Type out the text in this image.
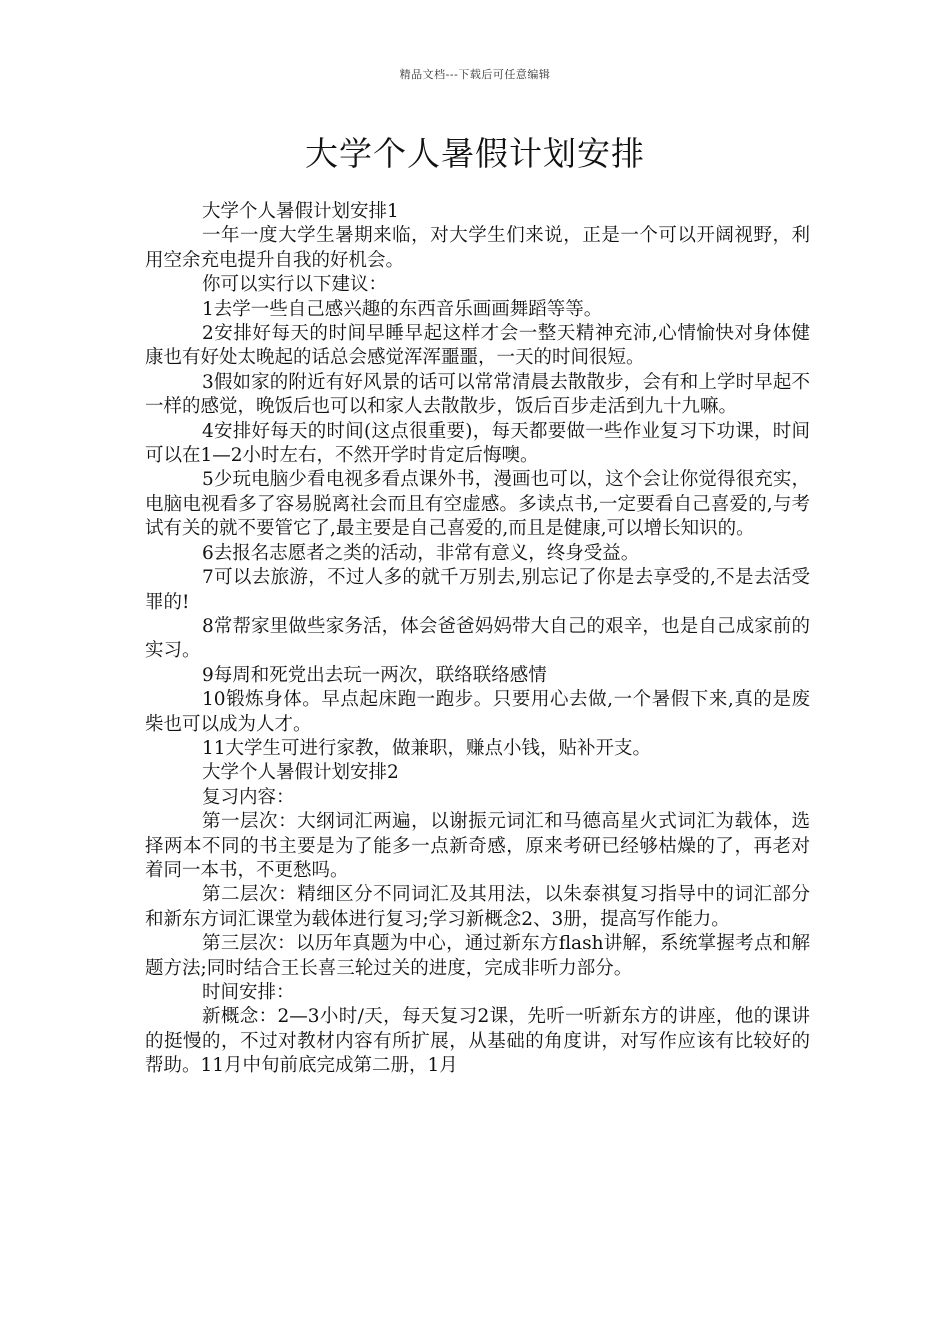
精品文档---下载后可任意编辑
大学个人暑假计划安排

大学个人暑假计划安排1

一年一度大学生暑期来临，对大学生们来说，正是一个可以开阔视野，利用空余充电提升自我的好机会。

你可以实行以下建议：

1去学一些自己感兴趣的东西音乐画画舞蹈等等。

2安排好每天的时间早睡早起这样才会一整天精神充沛,心情愉快对身体健康也有好处太晚起的话总会感觉浑浑噩噩，一天的时间很短。

3假如家的附近有好风景的话可以常常清晨去散散步，会有和上学时早起不一样的感觉，晚饭后也可以和家人去散散步，饭后百步走活到九十九嘛。

4安排好每天的时间(这点很重要)，每天都要做一些作业复习下功课，时间可以在1—2小时左右，不然开学时肯定后悔噢。

5少玩电脑少看电视多看点课外书，漫画也可以，这个会让你觉得很充实，电脑电视看多了容易脱离社会而且有空虚感。多读点书,一定要看自己喜爱的,与考试有关的就不要管它了,最主要是自己喜爱的,而且是健康,可以增长知识的。

6去报名志愿者之类的活动，非常有意义，终身受益。

7可以去旅游，不过人多的就千万别去,别忘记了你是去享受的,不是去活受罪的!

8常帮家里做些家务活，体会爸爸妈妈带大自己的艰辛，也是自己成家前的实习。

9每周和死党出去玩一两次，联络联络感情

10锻炼身体。早点起床跑一跑步。只要用心去做,一个暑假下来,真的是废柴也可以成为人才。

11大学生可进行家教，做兼职，赚点小钱，贴补开支。

大学个人暑假计划安排2

复习内容：

第一层次：大纲词汇两遍，以谢振元词汇和马德高星火式词汇为载体，选择两本不同的书主要是为了能多一点新奇感，原来考研已经够枯燥的了，再老对着同一本书，不更愁吗。

第二层次：精细区分不同词汇及其用法，以朱泰祺复习指导中的词汇部分和新东方词汇课堂为载体进行复习;学习新概念2、3册，提高写作能力。

第三层次：以历年真题为中心，通过新东方flash讲解，系统掌握考点和解题方法;同时结合王长喜三轮过关的进度，完成非听力部分。

时间安排：

新概念：2—3小时/天，每天复习2课，先听一听新东方的讲座，他的课讲的挺慢的，不过对教材内容有所扩展，从基础的角度讲，对写作应该有比较好的帮助。11月中旬前底完成第二册，1月
